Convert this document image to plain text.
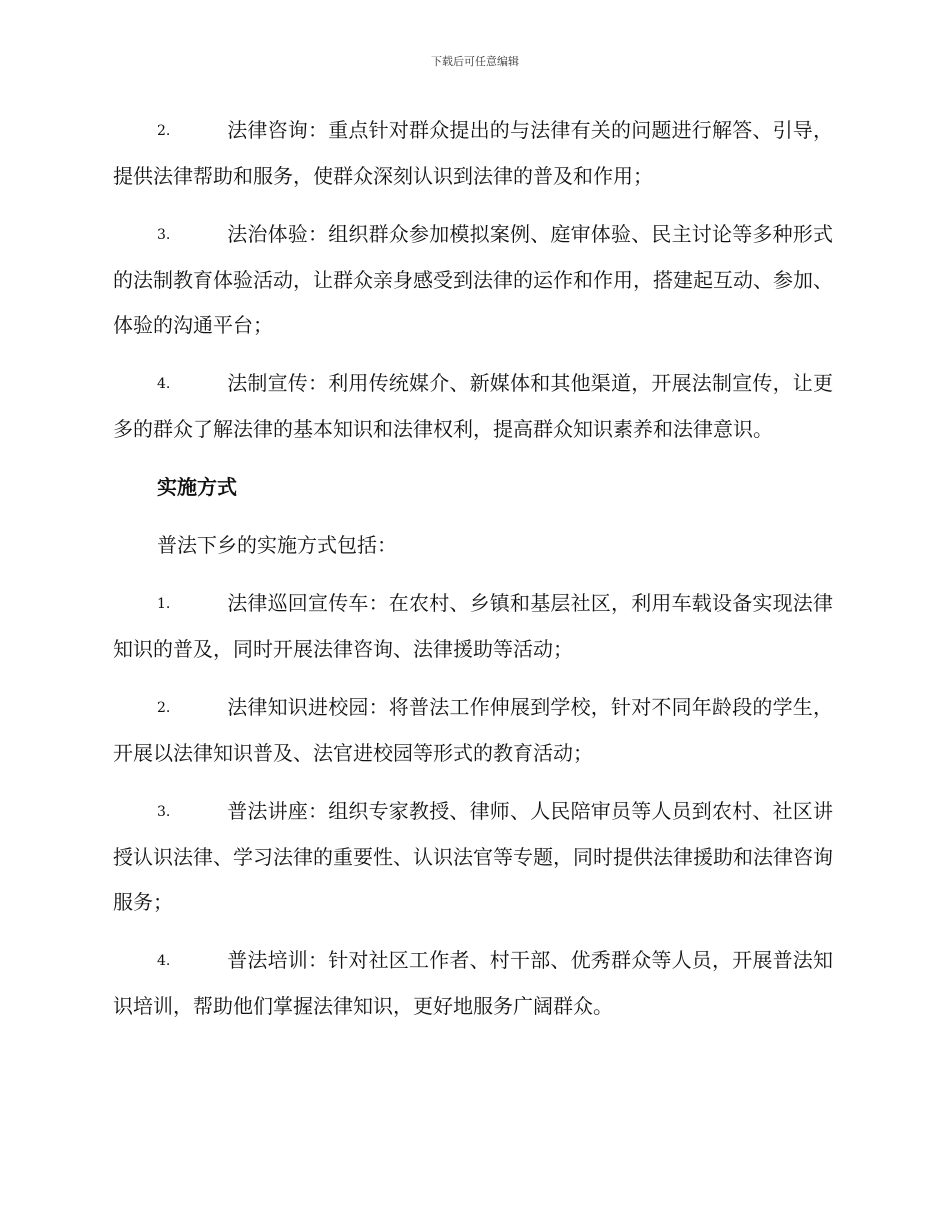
下载后可任意编辑

2.	法律咨询：重点针对群众提出的与法律有关的问题进行解答、引导，提供法律帮助和服务，使群众深刻认识到法律的普及和作用；

3.	法治体验：组织群众参加模拟案例、庭审体验、民主讨论等多种形式的法制教育体验活动，让群众亲身感受到法律的运作和作用，搭建起互动、参加、体验的沟通平台；

4.	法制宣传：利用传统媒介、新媒体和其他渠道，开展法制宣传，让更多的群众了解法律的基本知识和法律权利，提高群众知识素养和法律意识。

实施方式
普法下乡的实施方式包括：

1.	法律巡回宣传车：在农村、乡镇和基层社区，利用车载设备实现法律知识的普及，同时开展法律咨询、法律援助等活动；

2.	法律知识进校园：将普法工作伸展到学校，针对不同年龄段的学生，开展以法律知识普及、法官进校园等形式的教育活动；

3.	普法讲座：组织专家教授、律师、人民陪审员等人员到农村、社区讲授认识法律、学习法律的重要性、认识法官等专题，同时提供法律援助和法律咨询服务；

4.	普法培训：针对社区工作者、村干部、优秀群众等人员，开展普法知识培训，帮助他们掌握法律知识，更好地服务广阔群众。
